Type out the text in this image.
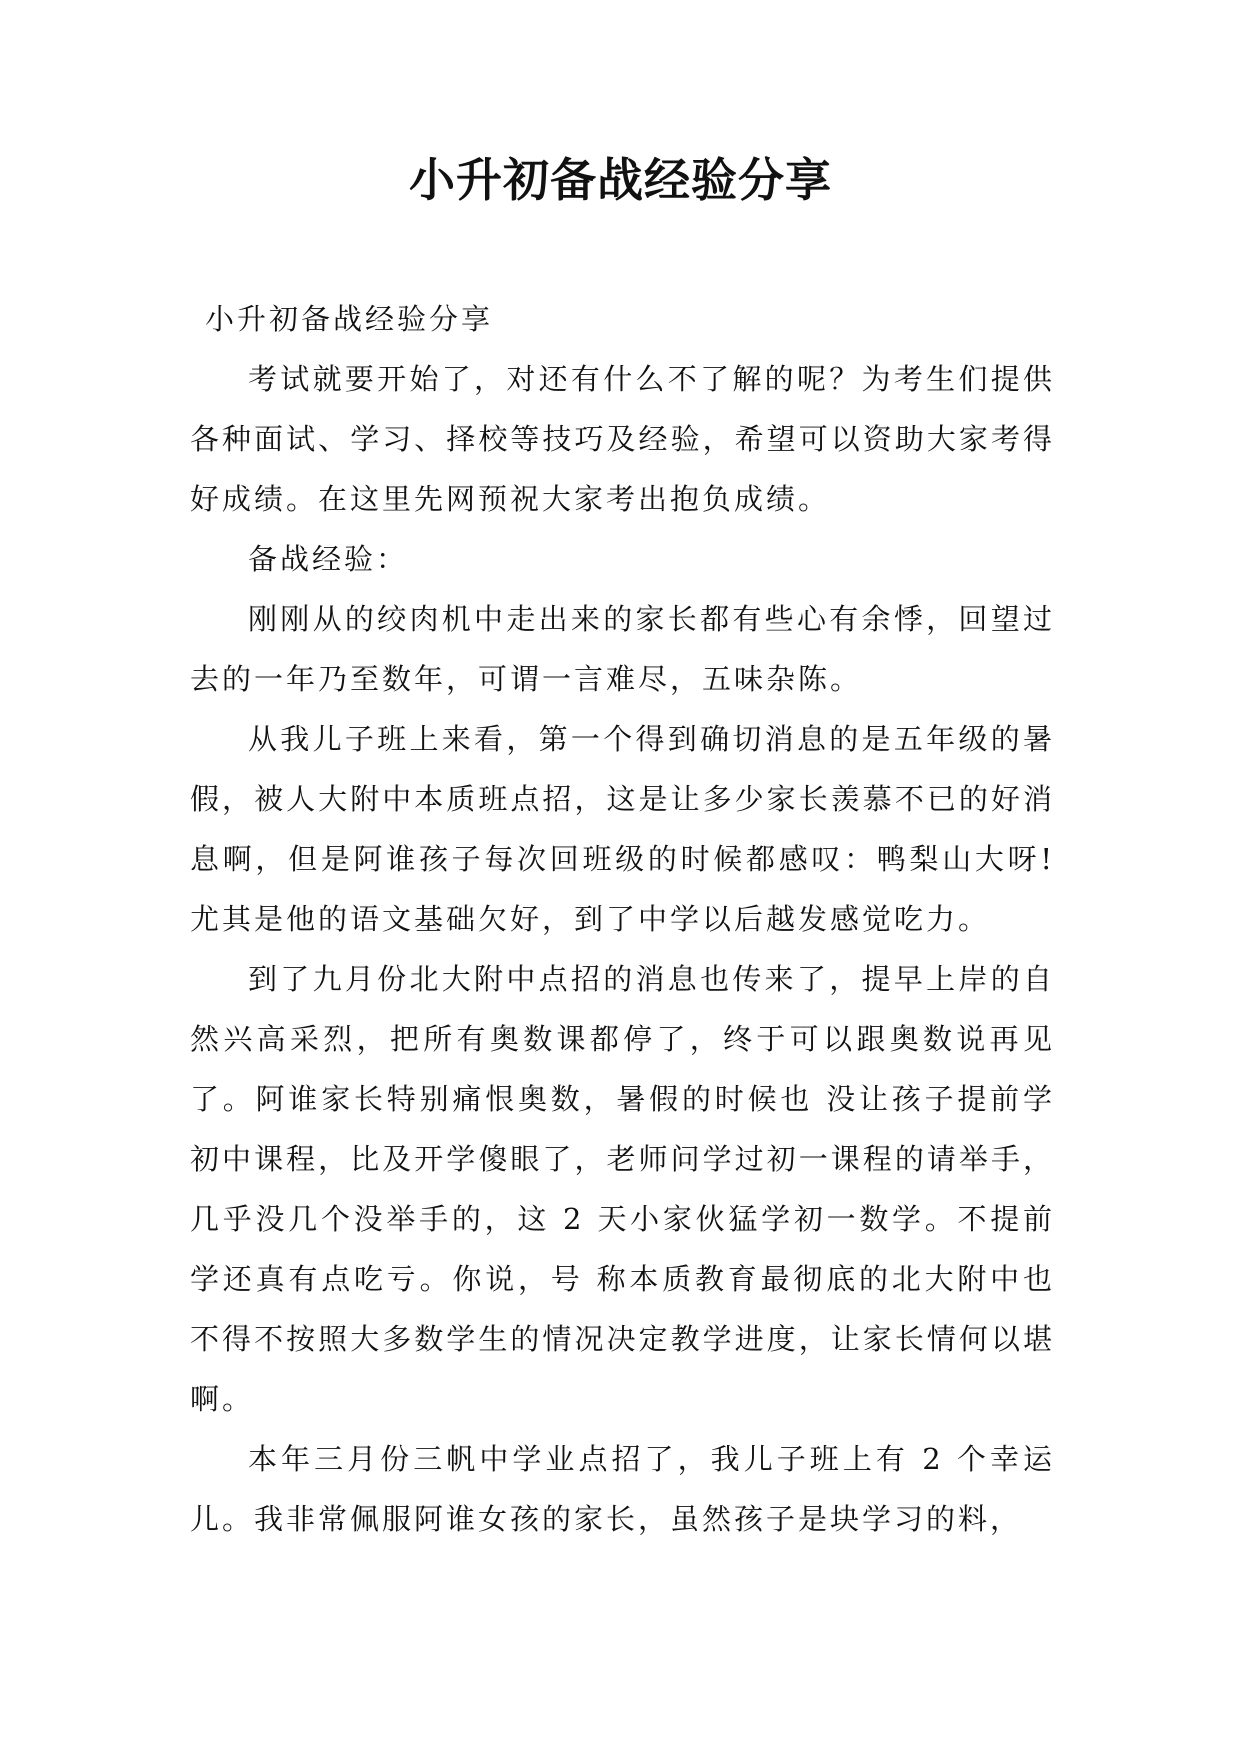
小升初备战经验分享

小升初备战经验分享

考试就要开始了，对还有什么不了解的呢？为考生们提供各种面试、学习、择校等技巧及经验，希望可以资助大家考得好成绩。在这里先网预祝大家考出抱负成绩。

备战经验：

刚刚从的绞肉机中走出来的家长都有些心有余悸，回望过去的一年乃至数年，可谓一言难尽，五味杂陈。

从我儿子班上来看，第一个得到确切消息的是五年级的暑假，被人大附中本质班点招，这是让多少家长羡慕不已的好消息啊，但是阿谁孩子每次回班级的时候都感叹：鸭梨山大呀!尤其是他的语文基础欠好，到了中学以后越发感觉吃力。

到了九月份北大附中点招的消息也传来了，提早上岸的自然兴高采烈，把所有奥数课都停了，终于可以跟奥数说再见了。阿谁家长特别痛恨奥数，暑假的时候也 没让孩子提前学初中课程，比及开学傻眼了，老师问学过初一课程的请举手，几乎没几个没举手的，这 2 天小家伙猛学初一数学。不提前学还真有点吃亏。你说，号 称本质教育最彻底的北大附中也不得不按照大多数学生的情况决定教学进度，让家长情何以堪啊。

本年三月份三帆中学业点招了，我儿子班上有 2 个幸运儿。我非常佩服阿谁女孩的家长，虽然孩子是块学习的料，
